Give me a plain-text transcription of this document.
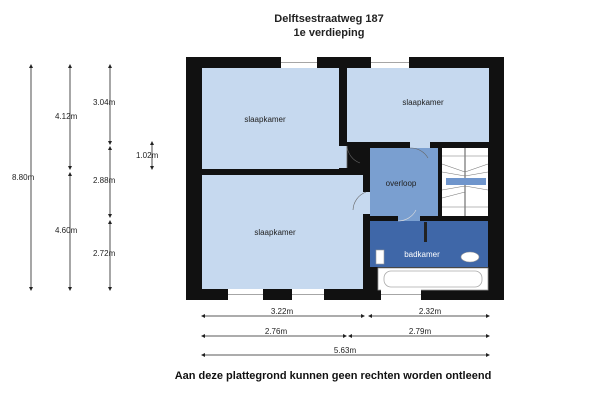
Delftsestraatweg 187
1e verdieping
slaapkamer
slaapkamer
slaapkamer
overloop
badkamer
8.80m
4.12m
4.60m
3.04m
2.88m
2.72m
1.02m
3.22m	2.32m
2.76m	2.79m
5.63m
Aan deze plattegrond kunnen geen rechten worden ontleend
